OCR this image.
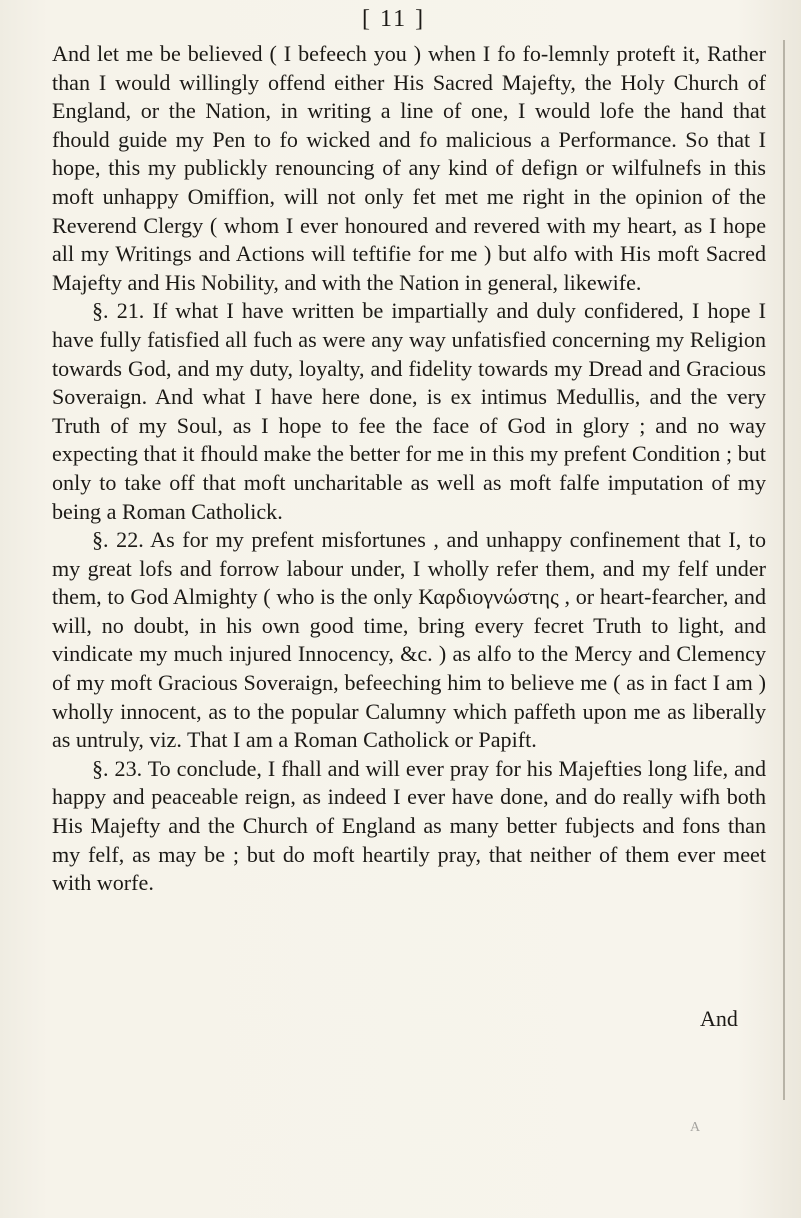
[ 11 ]

And let me be believed ( I befeech you ) when I fo fo-lemnly proteft it, Rather than I would willingly offend either His Sacred Majefty, the Holy Church of England, or the Nation, in writing a line of one, I would lofe the hand that fhould guide my Pen to fo wicked and fo malicious a Performance. So that I hope, this my publickly renouncing of any kind of defign or wilfulnefs in this moft unhappy Omiffion, will not only fet met me right in the opinion of the Reverend Clergy ( whom I ever honoured and revered with my heart, as I hope all my Writings and Actions will teftifie for me ) but alfo with His moft Sacred Majefty and His Nobility, and with the Nation in general, likewife.

§. 21. If what I have written be impartially and duly confidered, I hope I have fully fatisfied all fuch as were any way unfatisfied concerning my Religion towards God, and my duty, loyalty, and fidelity towards my Dread and Gracious Soveraign. And what I have here done, is ex intimus Medullis, and the very Truth of my Soul, as I hope to fee the face of God in glory ; and no way expecting that it fhould make the better for me in this my prefent Condition ; but only to take off that moft uncharitable as well as moft falfe imputation of my being a Roman Catholick.

§. 22. As for my prefent misfortunes , and unhappy confinement that I, to my great lofs and forrow labour under, I wholly refer them, and my felf under them, to God Almighty ( who is the only Καρδιογνώστης , or heart-fearcher, and will, no doubt, in his own good time, bring every fecret Truth to light, and vindicate my much injured Innocency, &c. ) as alfo to the Mercy and Clemency of my moft Gracious Soveraign, befeeching him to believe me ( as in fact I am ) wholly innocent, as to the popular Calumny which paffeth upon me as liberally as untruly, viz. That I am a Roman Catholick or Papift.

§. 23. To conclude, I fhall and will ever pray for his Majefties long life, and happy and peaceable reign, as indeed I ever have done, and do really wifh both His Majefty and the Church of England as many better fubjects and fons than my felf, as may be ; but do moft heartily pray, that neither of them ever meet with worfe.

And
A
